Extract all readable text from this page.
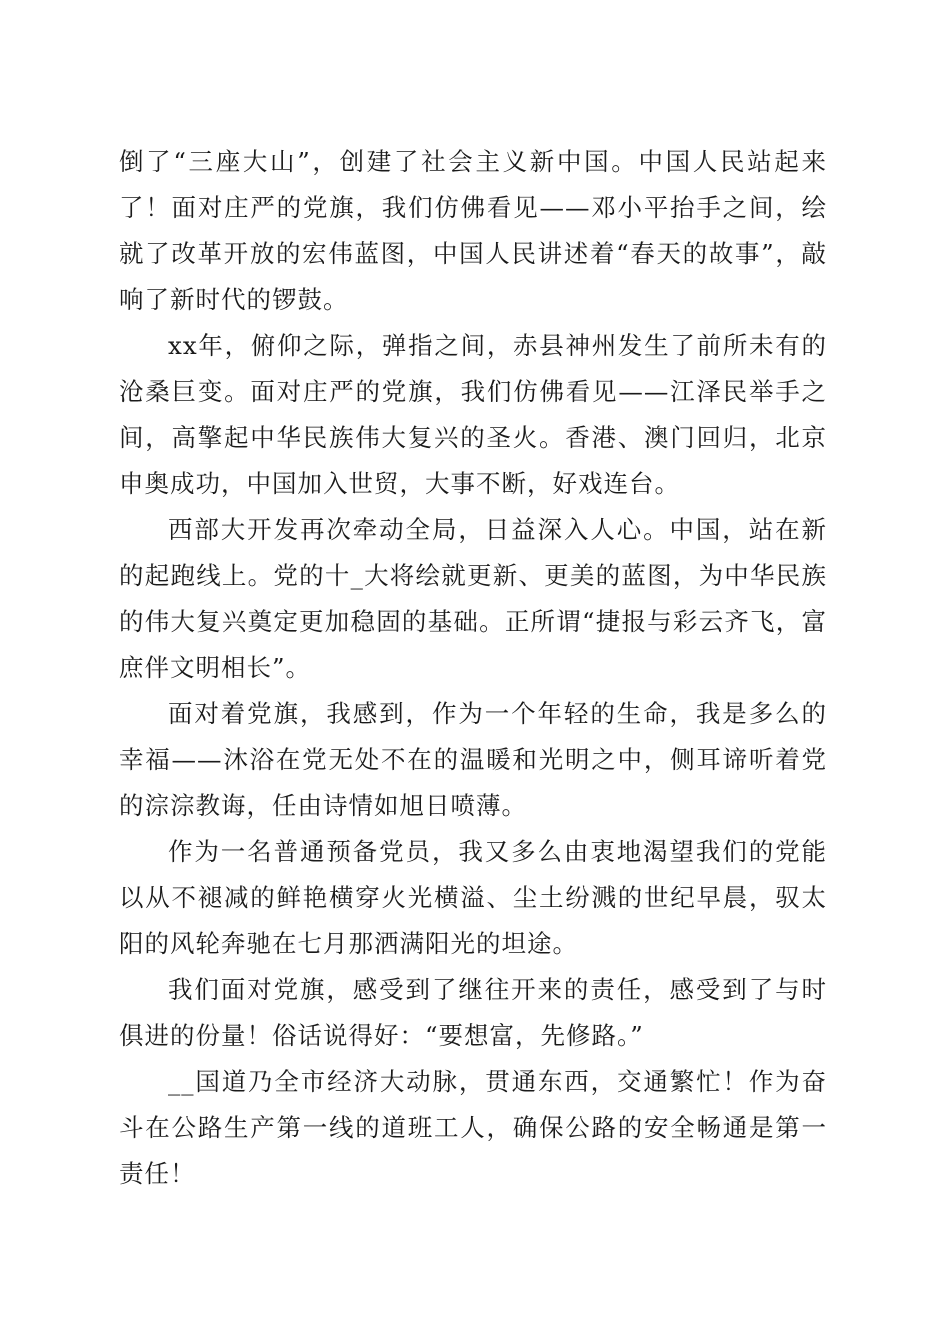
倒了“三座大山”，创建了社会主义新中国。中国人民站起来了！面对庄严的党旗，我们仿佛看见——邓小平抬手之间，绘就了改革开放的宏伟蓝图，中国人民讲述着“春天的故事”，敲响了新时代的锣鼓。

xx年，俯仰之际，弹指之间，赤县神州发生了前所未有的沧桑巨变。面对庄严的党旗，我们仿佛看见——江泽民举手之间，高擎起中华民族伟大复兴的圣火。香港、澳门回归，北京申奥成功，中国加入世贸，大事不断，好戏连台。

西部大开发再次牵动全局，日益深入人心。中国，站在新的起跑线上。党的十_大将绘就更新、更美的蓝图，为中华民族的伟大复兴奠定更加稳固的基础。正所谓“捷报与彩云齐飞，富庶伴文明相长”。

面对着党旗，我感到，作为一个年轻的生命，我是多么的幸福——沐浴在党无处不在的温暖和光明之中，侧耳谛听着党的淙淙教诲，任由诗情如旭日喷薄。

作为一名普通预备党员，我又多么由衷地渴望我们的党能以从不褪减的鲜艳横穿火光横溢、尘土纷溅的世纪早晨，驭太阳的风轮奔驰在七月那洒满阳光的坦途。

我们面对党旗，感受到了继往开来的责任，感受到了与时俱进的份量！俗话说得好：“要想富，先修路。”

__国道乃全市经济大动脉，贯通东西，交通繁忙！作为奋斗在公路生产第一线的道班工人，确保公路的安全畅通是第一责任！
